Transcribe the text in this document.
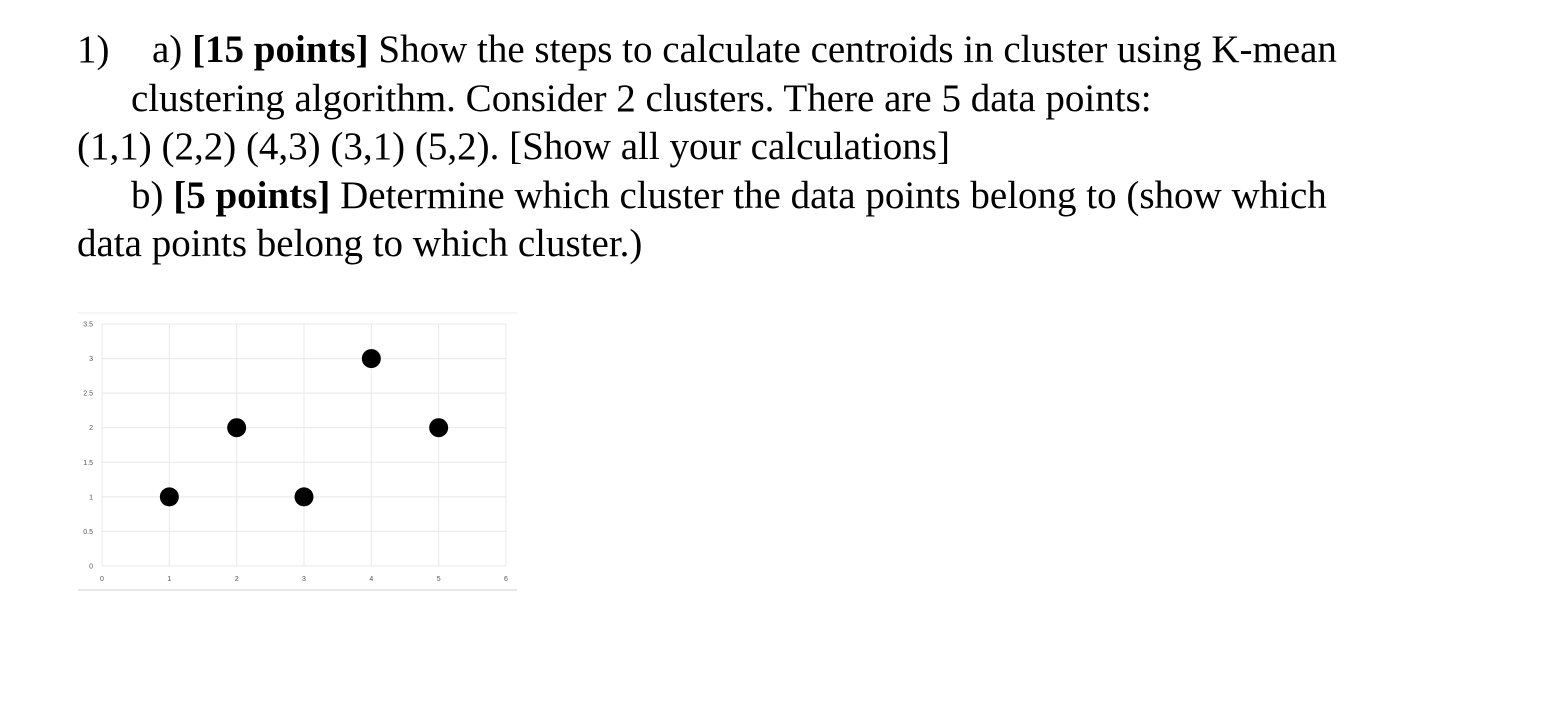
1) a) [15 points] Show the steps to calculate centroids in cluster using K-mean
clustering algorithm. Consider 2 clusters. There are 5 data points:
(1,1) (2,2) (4,3) (3,1) (5,2). [Show all your calculations]
b) [5 points] Determine which cluster the data points belong to (show which
data points belong to which cluster.)
0	1	2	3	4	5	6
0
0.5
1
1.5
2
2.5
3
3.5
